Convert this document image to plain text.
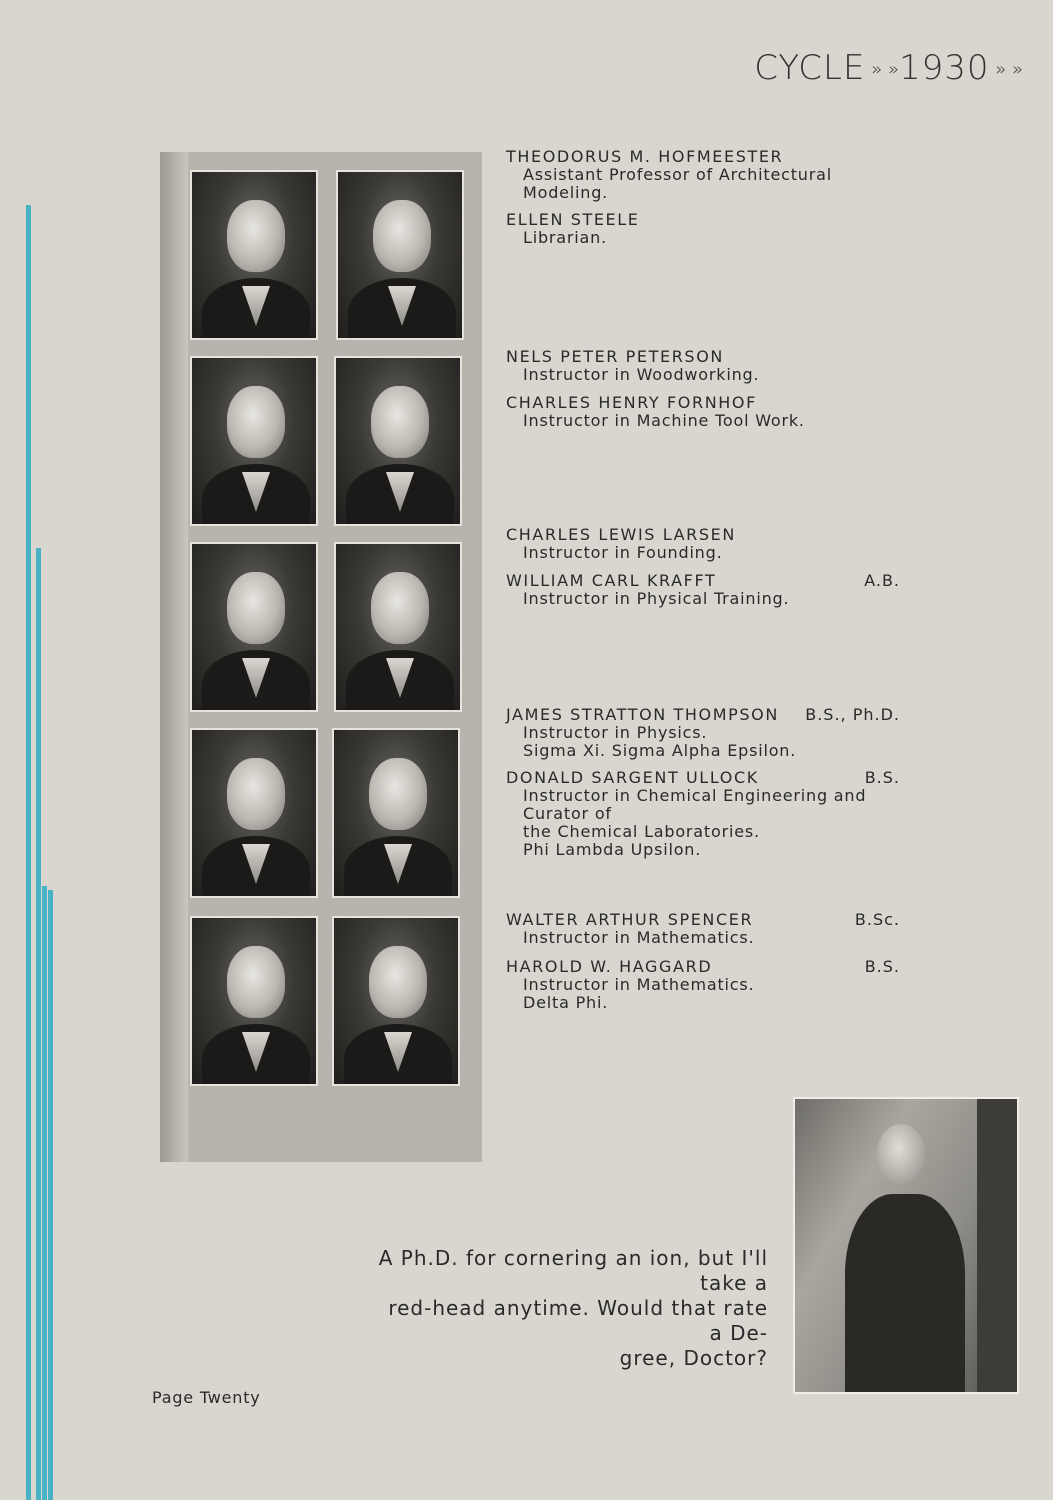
CYCLE » »1930 » »
THEODORUS M. HOFMEESTER
Assistant Professor of Architectural Modeling.
ELLEN STEELE
Librarian.
NELS PETER PETERSON
Instructor in Woodworking.
CHARLES HENRY FORNHOF
Instructor in Machine Tool Work.
CHARLES LEWIS LARSEN
Instructor in Founding.
WILLIAM CARL KRAFFT	A.B.
Instructor in Physical Training.
JAMES STRATTON THOMPSON	B.S., Ph.D.
Instructor in Physics.
Sigma Xi. Sigma Alpha Epsilon.
DONALD SARGENT ULLOCK	B.S.
Instructor in Chemical Engineering and Curator of
the Chemical Laboratories.
Phi Lambda Upsilon.
WALTER ARTHUR SPENCER	B.Sc.
Instructor in Mathematics.
HAROLD W. HAGGARD	B.S.
Instructor in Mathematics.
Delta Phi.
A Ph.D. for cornering an ion, but I'll take a
red-head anytime. Would that rate a De-
gree, Doctor?
Page Twenty
